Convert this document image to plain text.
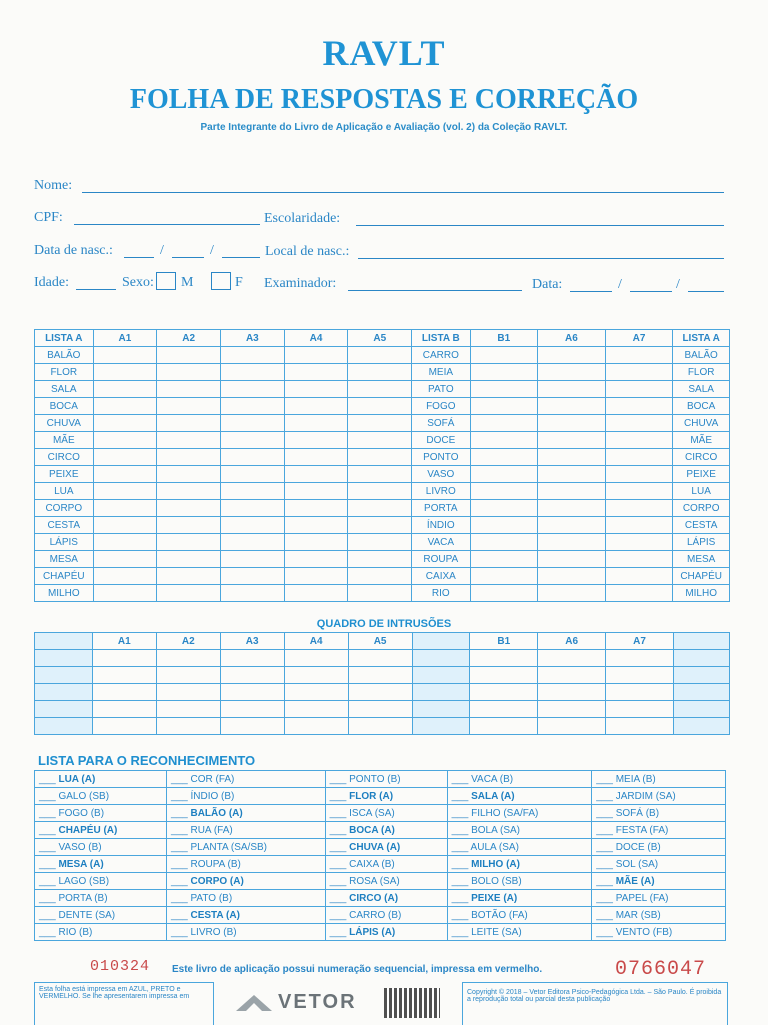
RAVLT
FOLHA DE RESPOSTAS E CORREÇÃO
Parte Integrante do Livro de Aplicação e Avaliação (vol. 2) da Coleção RAVLT.
Nome:
CPF:	Escolaridade:
Data de nasc.:	/	/	Local de nasc.:
Idade:	Sexo: M	F Examinador:	Data:	/	/
LISTA A	A1	A2	A3	A4	A5	LISTA B	B1	A6	A7	LISTA A
BALÃO						CARRO				BALÃO
FLOR						MEIA				FLOR
SALA						PATO				SALA
BOCA						FOGO				BOCA
CHUVA						SOFÁ				CHUVA
MÃE						DOCE				MÃE
CIRCO						PONTO				CIRCO
PEIXE						VASO				PEIXE
LUA						LIVRO				LUA
CORPO						PORTA				CORPO
CESTA						ÍNDIO				CESTA
LÁPIS						VACA				LÁPIS
MESA						ROUPA				MESA
CHAPÉU						CAIXA				CHAPÉU
MILHO						RIO				MILHO
QUADRO DE INTRUSÕES
	A1	A2	A3	A4	A5		B1	A6	A7	

LISTA PARA O RECONHECIMENTO
___ LUA (A)	___ COR (FA)	___ PONTO (B)	___ VACA (B)	___ MEIA (B)
___ GALO (SB)	___ ÍNDIO (B)	___ FLOR (A)	___ SALA (A)	___ JARDIM (SA)
___ FOGO (B)	___ BALÃO (A)	___ ISCA (SA)	___ FILHO (SA/FA)	___ SOFÁ (B)
___ CHAPÉU (A)	___ RUA (FA)	___ BOCA (A)	___ BOLA (SA)	___ FESTA (FA)
___ VASO (B)	___ PLANTA (SA/SB)	___ CHUVA (A)	___ AULA (SA)	___ DOCE (B)
___ MESA (A)	___ ROUPA (B)	___ CAIXA (B)	___ MILHO (A)	___ SOL (SA)
___ LAGO (SB)	___ CORPO (A)	___ ROSA (SA)	___ BOLO (SB)	___ MÃE (A)
___ PORTA (B)	___ PATO (B)	___ CIRCO (A)	___ PEIXE (A)	___ PAPEL (FA)
___ DENTE (SA)	___ CESTA (A)	___ CARRO (B)	___ BOTÃO (FA)	___ MAR (SB)
___ RIO (B)	___ LIVRO (B)	___ LÁPIS (A)	___ LEITE (SA)	___ VENTO (FB)
010324 Este livro de aplicação possui numeração sequencial, impressa em vermelho.	0766047
Esta folha está impressa em AZUL, PRETO e VERMELHO. Se lhe apresentarem impressa em	VETOR	Copyright © 2018 – Vetor Editora Psico-Pedagógica Ltda. – São Paulo. É proibida a reprodução total ou parcial desta publicação
